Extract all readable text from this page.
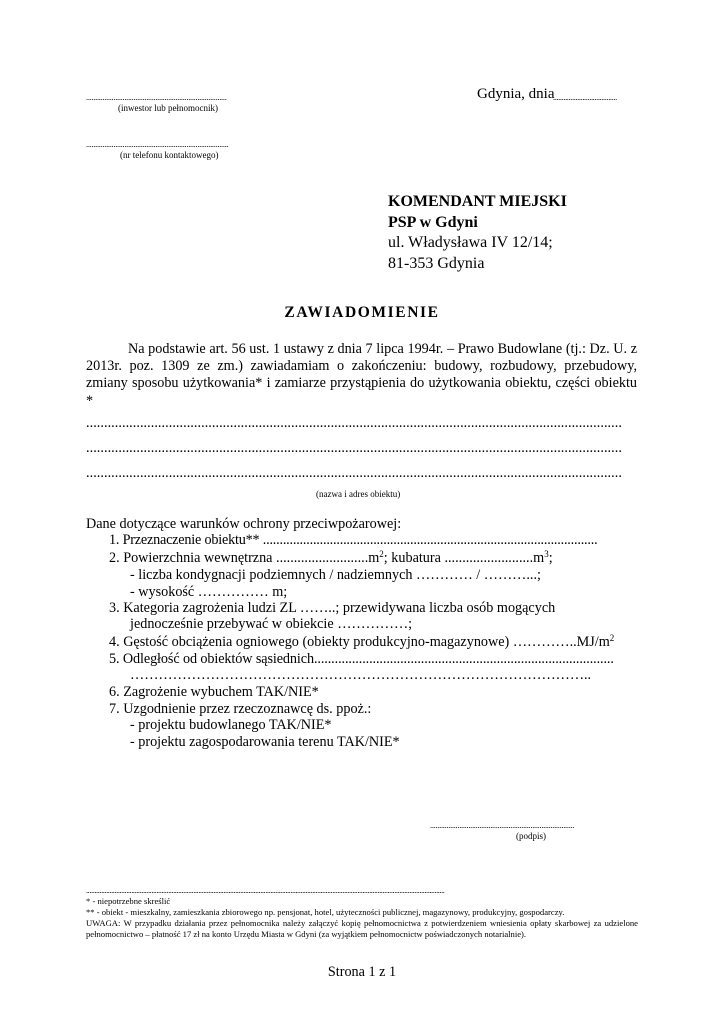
.............................................................................
(inwestor lub pełnomocnik)
..............................................................................
(nr telefonu kontaktowego)
Gdynia, dnia
.....................................
KOMENDANT MIEJSKI
PSP w Gdyni
ul. Władysława IV 12/14;
81-353 Gdynia
ZAWIADOMIENIE
Na podstawie art. 56 ust. 1 ustawy z dnia 7 lipca 1994r. – Prawo Budowlane (tj.: Dz. U. z 2013r. poz. 1309 ze zm.) zawiadamiam o zakończeniu: budowy, rozbudowy, przebudowy, zmiany sposobu użytkowania* i zamiarze przystąpienia do użytkowania obiektu, części obiektu *
.....................................................................................................................................................
.....................................................................................................................................................
.....................................................................................................................................................
(nazwa i adres obiektu)
Dane dotyczące warunków ochrony przeciwpożarowej:
1. Przeznaczenie obiektu** ....................................................................................................
2. Powierzchnia wewnętrzna $..........................m^2$; kubatura $.........................m^3$;
- liczba kondygnacji podziemnych / nadziemnych ………… / ………...;
- wysokość …………… m;
3. Kategoria zagrożenia ludzi ZL ……..; przewidywana liczba osób mogących
jednocześnie przebywać w obiekcie ……………;
4. Gęstość obciążenia ogniowego (obiekty produkcyjno-magazynowe) $\dots\dots\dots\dots..MJ/m^2$
5. Odległość od obiektów sąsiednich.......................................................................................
……………………………………………………………………………………..
6. Zagrożenie wybuchem TAK/NIE*
7. Uzgodnienie przez rzeczoznawcę ds. ppoż.:
- projektu budowlanego TAK/NIE*
- projektu zagospodarowania terenu TAK/NIE*
...............................................................................
(podpis)
......................................................................................................................................................................................................................
* - niepotrzebne skreślić
** - obiekt - mieszkalny, zamieszkania zbiorowego np. pensjonat, hotel, użyteczności publicznej, magazynowy, produkcyjny, gospodarczy.
UWAGA: W przypadku działania przez pełnomocnika należy załączyć kopię pełnomocnictwa z potwierdzeniem wniesienia opłaty skarbowej za udzielone pełnomocnictwo – płatność 17 zł na konto Urzędu Miasta w Gdyni (za wyjątkiem pełnomocnictw poświadczonych notarialnie).
Strona 1 z 1
